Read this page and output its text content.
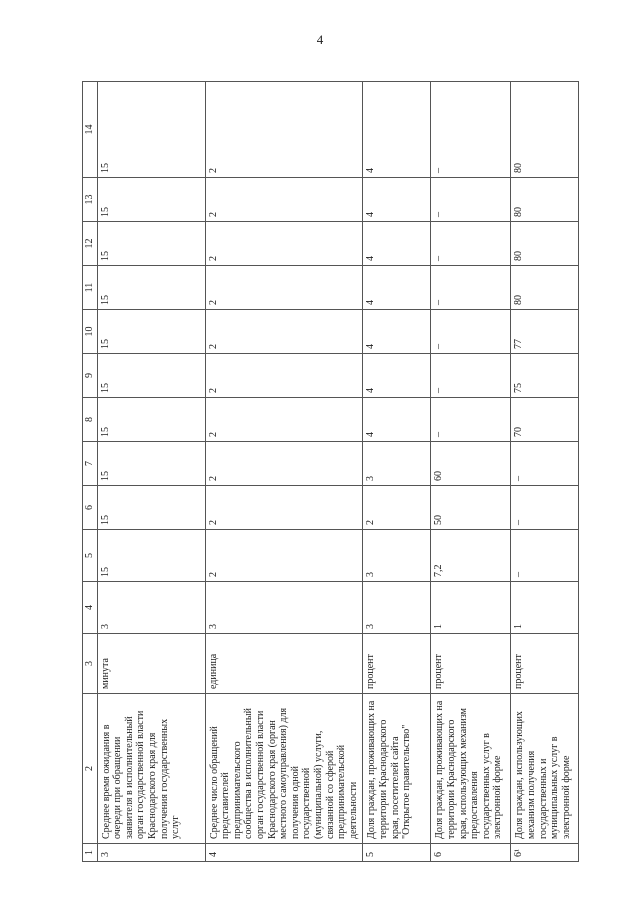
4
1	2	3	4	5	6	7	8	9	10	11	12	13	14
3	Среднее время ожидания в очереди при обращении заявителя в исполнительный орган государственной власти Краснодарского края для получения государственных услуг	минута	3	15	15	15	15	15	15	15	15	15	15
4	Среднее число обращений представителей предпринимательского сообщества в исполнительный орган государственной власти Краснодарского края (орган местного самоуправления) для получения одной государственной (муниципальной) услуги, связанной со сферой предпринимательской деятельности	единица	3	2	2	2	2	2	2	2	2	2	2
5	Доля граждан, проживающих на территории Краснодарского края, посетителей сайта "Открытое правительство"	процент	3	3	2	3	4	4	4	4	4	4	4
6	Доля граждан, проживающих на территории Краснодарского края, использующих механизм предоставления государственных услуг в электронной форме	процент	1	7,2	50	60	–	–	–	–	–	–	–
6¹	Доля граждан, использующих механизм получения государственных и муниципальных услуг в электронной форме	процент	1	–	–	–	70	75	77	80	80	80	80
